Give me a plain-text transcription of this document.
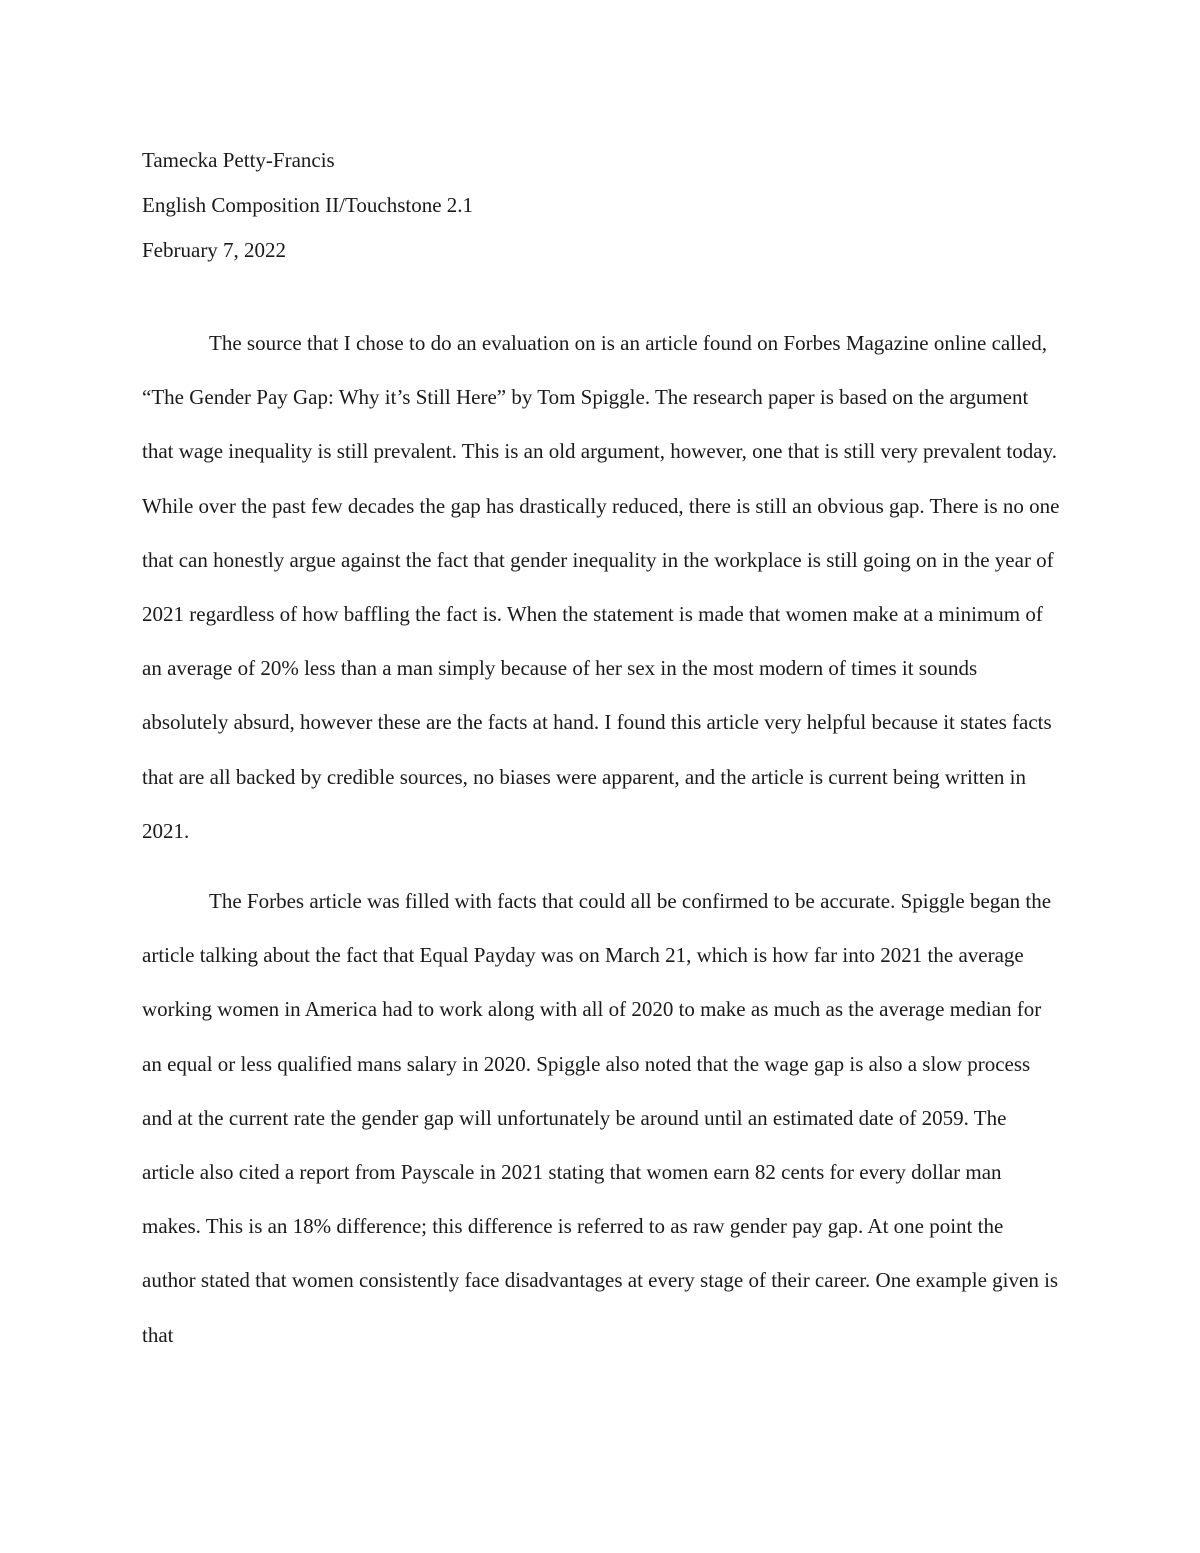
Tamecka Petty-Francis

English Composition II/Touchstone 2.1

February 7, 2022

The source that I chose to do an evaluation on is an article found on Forbes Magazine online called, “The Gender Pay Gap: Why it’s Still Here” by Tom Spiggle. The research paper is based on the argument that wage inequality is still prevalent. This is an old argument, however, one that is still very prevalent today. While over the past few decades the gap has drastically reduced, there is still an obvious gap. There is no one that can honestly argue against the fact that gender inequality in the workplace is still going on in the year of 2021 regardless of how baffling the fact is. When the statement is made that women make at a minimum of an average of 20% less than a man simply because of her sex in the most modern of times it sounds absolutely absurd, however these are the facts at hand. I found this article very helpful because it states facts that are all backed by credible sources, no biases were apparent, and the article is current being written in 2021.

The Forbes article was filled with facts that could all be confirmed to be accurate. Spiggle began the article talking about the fact that Equal Payday was on March 21, which is how far into 2021 the average working women in America had to work along with all of 2020 to make as much as the average median for an equal or less qualified mans salary in 2020. Spiggle also noted that the wage gap is also a slow process and at the current rate the gender gap will unfortunately be around until an estimated date of 2059. The article also cited a report from Payscale in 2021 stating that women earn 82 cents for every dollar man makes. This is an 18% difference; this difference is referred to as raw gender pay gap. At one point the author stated that women consistently face disadvantages at every stage of their career. One example given is that
